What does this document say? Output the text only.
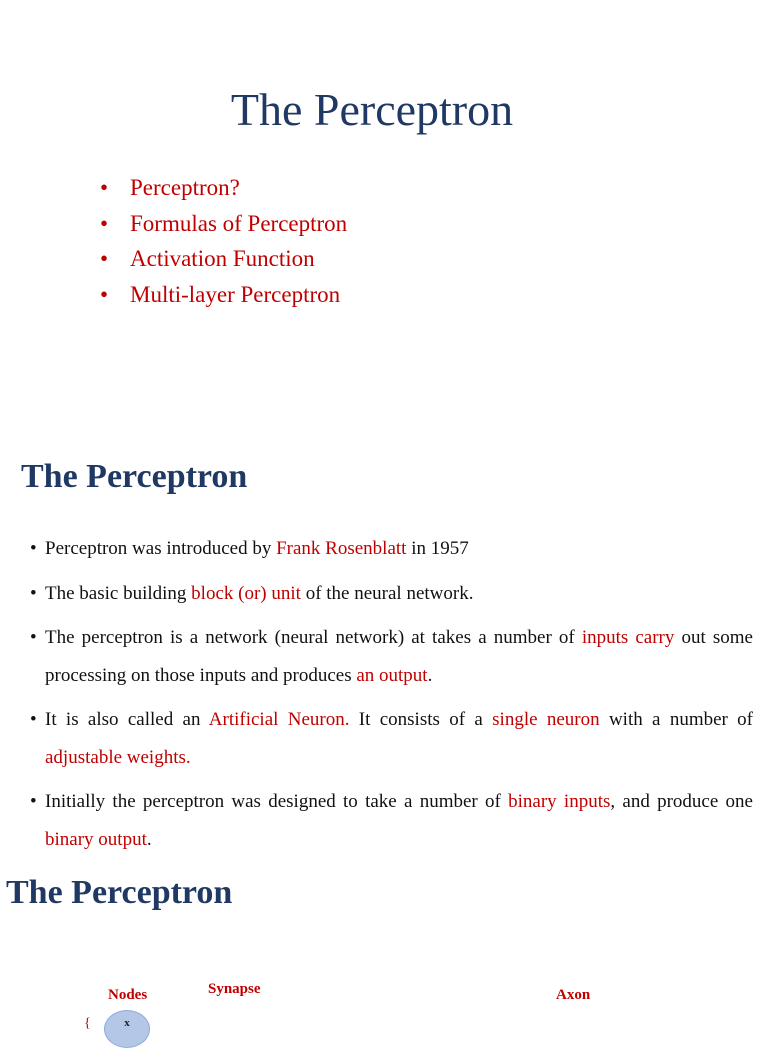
The Perceptron
• Perceptron?
• Formulas of Perceptron
• Activation Function
• Multi-layer Perceptron
The Perceptron
• Perceptron was introduced by Frank Rosenblatt in 1957
• The basic building block (or) unit of the neural network.
• The perceptron is a network (neural network) at takes a number of inputs carry out some processing on those inputs and produces an output.
• It is also called an Artificial Neuron. It consists of a single neuron with a number of adjustable weights.
• Initially the perceptron was designed to take a number of binary inputs, and produce one binary output.
The Perceptron
Nodes	Synapse	Axon
{	x
